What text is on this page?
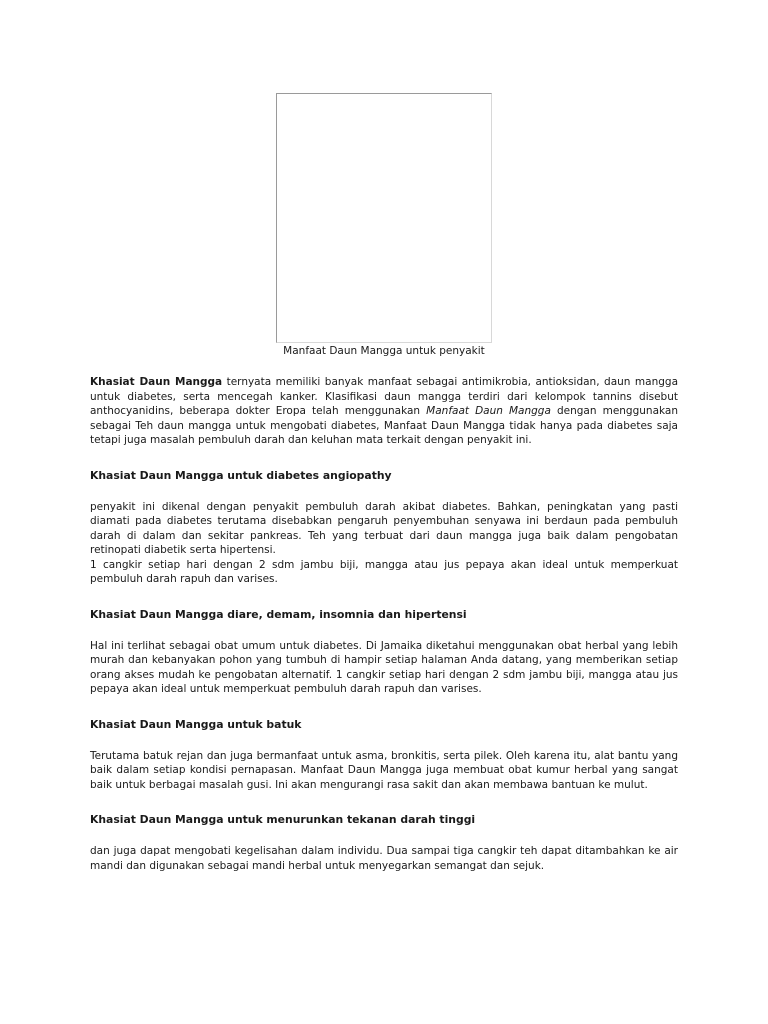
Manfaat Daun Mangga untuk penyakit

Khasiat Daun Mangga ternyata memiliki banyak manfaat sebagai antimikrobia, antioksidan, daun mangga untuk diabetes, serta mencegah kanker. Klasifikasi daun mangga terdiri dari kelompok tannins disebut anthocyanidins, beberapa dokter Eropa telah menggunakan Manfaat Daun Mangga dengan menggunakan sebagai Teh daun mangga untuk mengobati diabetes, Manfaat Daun Mangga tidak hanya pada diabetes saja tetapi juga masalah pembuluh darah dan keluhan mata terkait dengan penyakit ini.

Khasiat Daun Mangga untuk diabetes angiopathy

penyakit ini dikenal dengan penyakit pembuluh darah akibat diabetes. Bahkan, peningkatan yang pasti diamati pada diabetes terutama disebabkan pengaruh penyembuhan senyawa ini berdaun pada pembuluh darah di dalam dan sekitar pankreas. Teh yang terbuat dari daun mangga juga baik dalam pengobatan retinopati diabetik serta hipertensi.
1 cangkir setiap hari dengan 2 sdm jambu biji, mangga atau jus pepaya akan ideal untuk memperkuat pembuluh darah rapuh dan varises.

Khasiat Daun Mangga diare, demam, insomnia dan hipertensi

Hal ini terlihat sebagai obat umum untuk diabetes. Di Jamaika diketahui menggunakan obat herbal yang lebih murah dan kebanyakan pohon yang tumbuh di hampir setiap halaman Anda datang, yang memberikan setiap orang akses mudah ke pengobatan alternatif. 1 cangkir setiap hari dengan 2 sdm jambu biji, mangga atau jus pepaya akan ideal untuk memperkuat pembuluh darah rapuh dan varises.

Khasiat Daun Mangga untuk batuk

Terutama batuk rejan dan juga bermanfaat untuk asma, bronkitis, serta pilek. Oleh karena itu, alat bantu yang baik dalam setiap kondisi pernapasan. Manfaat Daun Mangga juga membuat obat kumur herbal yang sangat baik untuk berbagai masalah gusi. Ini akan mengurangi rasa sakit dan akan membawa bantuan ke mulut.

Khasiat Daun Mangga untuk menurunkan tekanan darah tinggi

dan juga dapat mengobati kegelisahan dalam individu. Dua sampai tiga cangkir teh dapat ditambahkan ke air mandi dan digunakan sebagai mandi herbal untuk menyegarkan semangat dan sejuk.
